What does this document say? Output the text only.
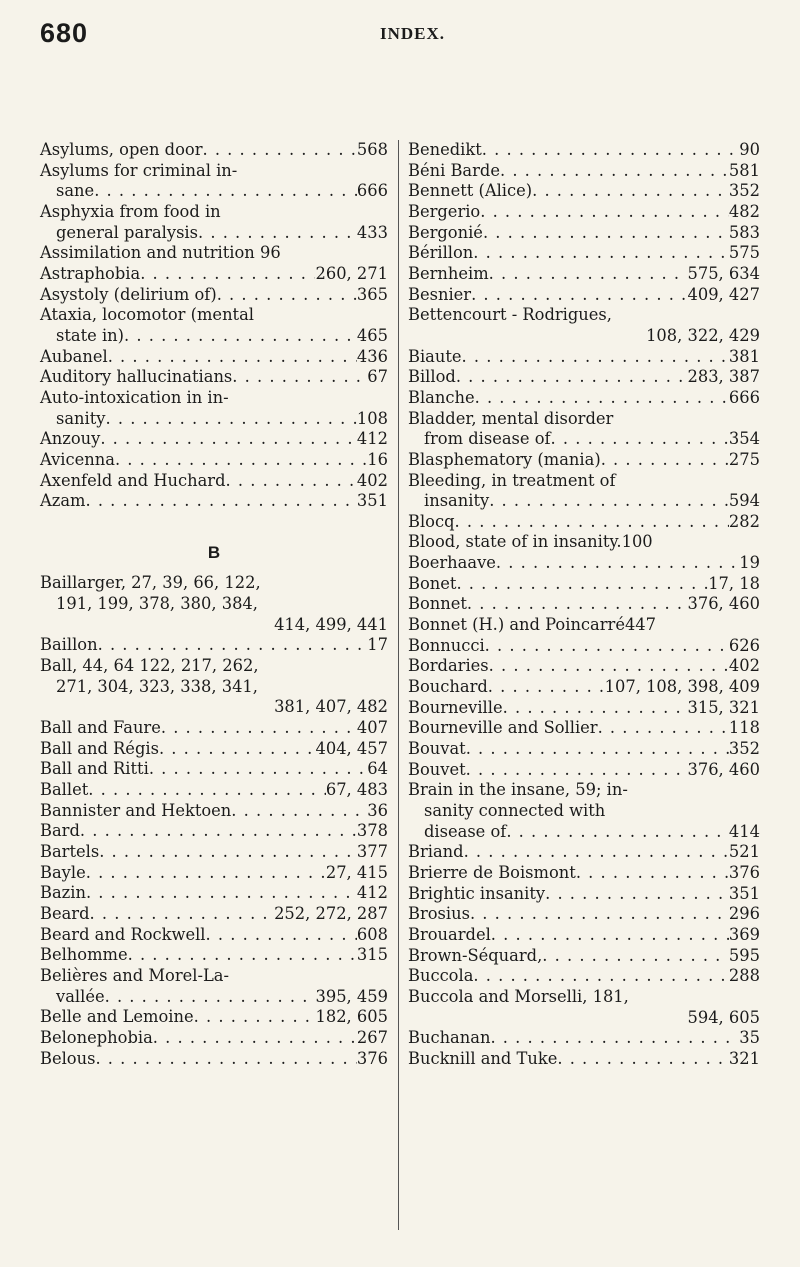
680	INDEX.
Asylums, open door . . .	568
Asylums for criminal in-
sane . . .	666
Asphyxia from food in
general paralysis . . .	433
Assimilation and nutrition 96
Astraphobia . . .	260, 271
Asystoly (delirium of) . . .	365
Ataxia, locomotor (mental
state in) . . .	465
Aubanel . . .	436
Auditory hallucinatians . . .	67
Auto-intoxication in in-
sanity . . .	108
Anzouy . . .	412
Avicenna . . .	16
Axenfeld and Huchard . . .	402
Azam . . .	351
B
Baillarger, 27, 39, 66, 122,
191, 199, 378, 380, 384,
414, 499, 441
Baillon . . .	17
Ball, 44, 64 122, 217, 262,
271, 304, 323, 338, 341,
381, 407, 482
Ball and Faure . . .	407
Ball and Régis . . .	404, 457
Ball and Ritti . . .	64
Ballet . . .	67, 483
Bannister and Hektoen . . .	36
Bard . . .	378
Bartels . . .	377
Bayle . . .	27, 415
Bazin . . .	412
Beard . . .	252, 272, 287
Beard and Rockwell . . .	608
Belhomme . . .	315
Belières and Morel-La-
vallée . . .	395, 459
Belle and Lemoine . . .	182, 605
Belonephobia . . .	267
Belous . . .	376
Benedikt . . .	90
Béni Barde . . .	581
Bennett (Alice) . . .	352
Bergerio . . .	482
Bergonié . . .	583
Bérillon . . .	575
Bernheim . . .	575, 634
Besnier . . .	409, 427
Bettencourt - Rodrigues,
108, 322, 429
Biaute . . .	381
Billod . . .	283, 387
Blanche . . .	666
Bladder, mental disorder
from disease of . . .	354
Blasphematory (mania) . . .	275
Bleeding, in treatment of
insanity . . .	594
Blocq . . .	282
Blood, state of in insanity.100
Boerhaave . . .	19
Bonet . . .	17, 18
Bonnet . . .	376, 460
Bonnet (H.) and Poincarré447
Bonnucci . . .	626
Bordaries . . .	402
Bouchard . . .	107, 108, 398, 409
Bourneville . . .	315, 321
Bourneville and Sollier . . .	118
Bouvat . . .	352
Bouvet . . .	376, 460
Brain in the insane, 59; in-
sanity connected with
disease of . . .	414
Briand . . .	521
Brierre de Boismont . . .	376
Brightic insanity . . .	351
Brosius . . .	296
Brouardel . . .	369
Brown-Séquard, . . .	595
Buccola . . .	288
Buccola and Morselli, 181,
594, 605
Buchanan . . .	35
Bucknill and Tuke . . .	321
